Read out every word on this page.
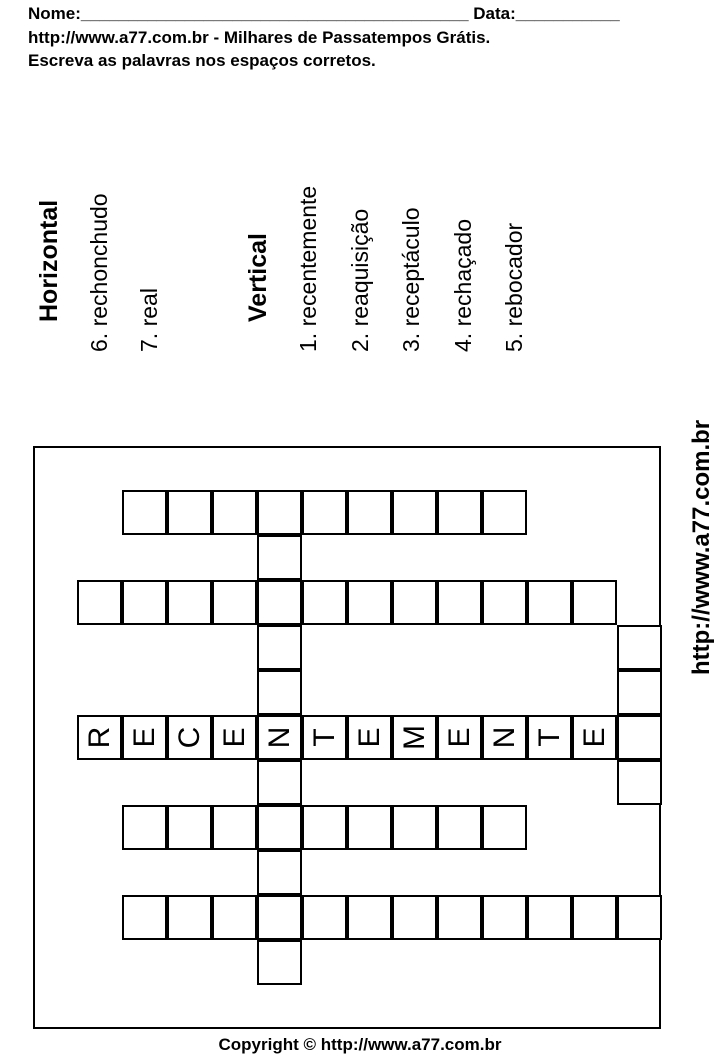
Nome:_________________________________________ Data:___________
http://www.a77.com.br - Milhares de Passatempos Grátis.
Escreva as palavras nos espaços corretos.
Horizontal 6. rechonchudo 7. real	Vertical 1. recentemente 2. reaquisição 3. receptáculo 4. rechaçado 5. rebocador
http://www.a77.com.br
R E C E N T E M E N T E
Copyright © http://www.a77.com.br
